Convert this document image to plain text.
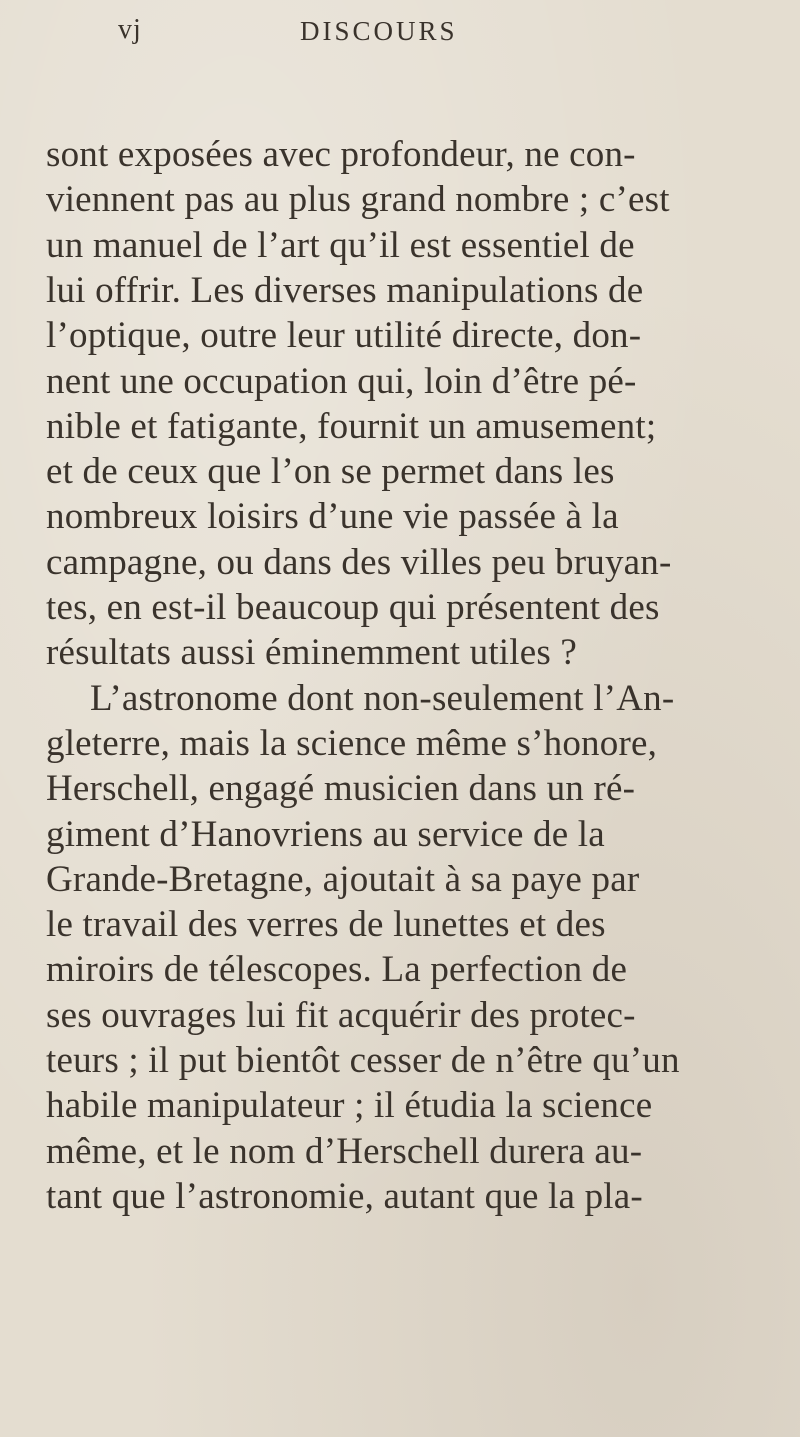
vj	DISCOURS
sont exposées avec profondeur, ne con-
viennent pas au plus grand nombre ; c’est
un manuel de l’art qu’il est essentiel de
lui offrir. Les diverses manipulations de
l’optique, outre leur utilité directe, don-
nent une occupation qui, loin d’être pé-
nible et fatigante, fournit un amusement;
et de ceux que l’on se permet dans les
nombreux loisirs d’une vie passée à la
campagne, ou dans des villes peu bruyan-
tes, en est-il beaucoup qui présentent des
résultats aussi éminemment utiles ?
L’astronome dont non-seulement l’An-
gleterre, mais la science même s’honore,
Herschell, engagé musicien dans un ré-
giment d’Hanovriens au service de la
Grande-Bretagne, ajoutait à sa paye par
le travail des verres de lunettes et des
miroirs de télescopes. La perfection de
ses ouvrages lui fit acquérir des protec-
teurs ; il put bientôt cesser de n’être qu’un
habile manipulateur ; il étudia la science
même, et le nom d’Herschell durera au-
tant que l’astronomie, autant que la pla-
